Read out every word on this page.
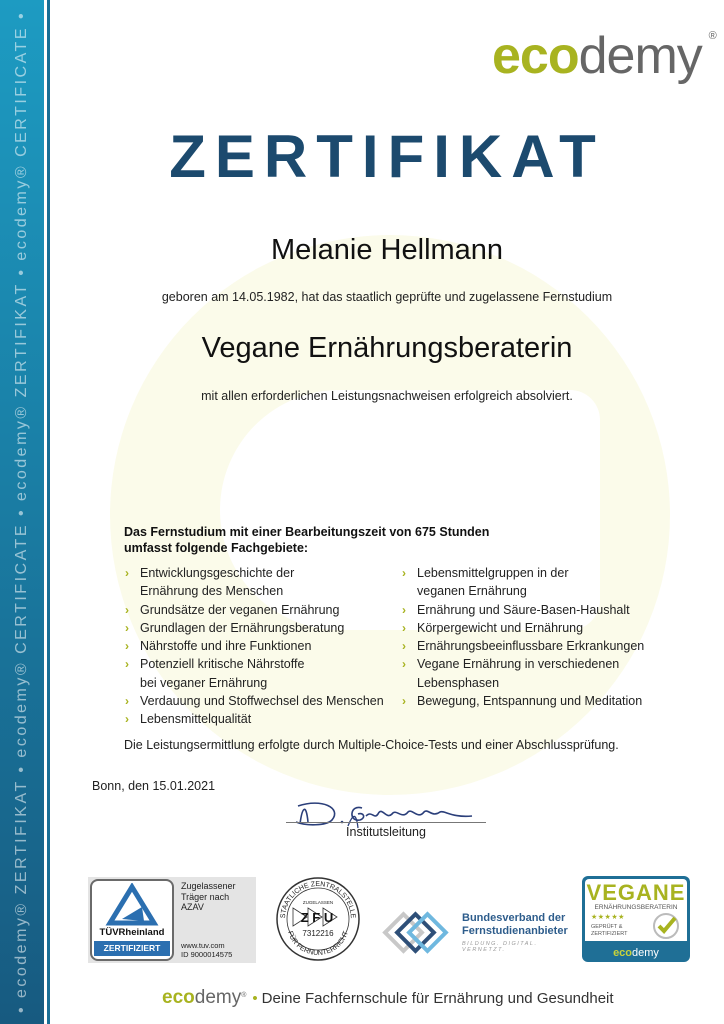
• ecodemy® ZERTIFIKAT • ecodemy® CERTIFICATE • ecodemy® ZERTIFIKAT • ecodemy® CERTIFICATE •	ecodemy ®
ZERTIFIKAT
Melanie Hellmann
geboren am 14.05.1982, hat das staatlich geprüfte und zugelassene Fernstudium
Vegane Ernährungsberaterin
mit allen erforderlichen Leistungsnachweisen erfolgreich absolviert.
Das Fernstudium mit einer Bearbeitungszeit von 675 Stunden
umfasst folgende Fachgebiete:
› Entwicklungsgeschichte der
Ernährung des Menschen
› Grundsätze der veganen Ernährung
› Grundlagen der Ernährungsberatung
› Nährstoffe und ihre Funktionen
› Potenziell kritische Nährstoffe
bei veganer Ernährung
› Verdauung und Stoffwechsel des Menschen
› Lebensmittelqualität
› Lebensmittelgruppen in der
veganen Ernährung
› Ernährung und Säure-Basen-Haushalt
› Körpergewicht und Ernährung
› Ernährungsbeeinflussbare Erkrankungen
› Vegane Ernährung in verschiedenen
Lebensphasen
› Bewegung, Entspannung und Meditation
Die Leistungsermittlung erfolgte durch Multiple-Choice-Tests und einer Abschlussprüfung.
Bonn, den 15.01.2021
Institutsleitung
TÜVRheinland
ZERTIFIZIERT
Zugelassener Träger nach AZAV
www.tuv.com
ID 9000014575
STAATLICHE ZENTRALSTELLE
FÜR FERNUNTERRICHT
ZUGELASSEN
Z F U
7312216
Bundesverband der
Fernstudienanbieter
BILDUNG. DIGITAL. VERNETZT.
VEGANE
ERNÄHRUNGSBERATERIN
★★★★★
GEPRÜFT &
ZERTIFIZIERT
ecodemy
ecodemy® • Deine Fachfernschule für Ernährung und Gesundheit
